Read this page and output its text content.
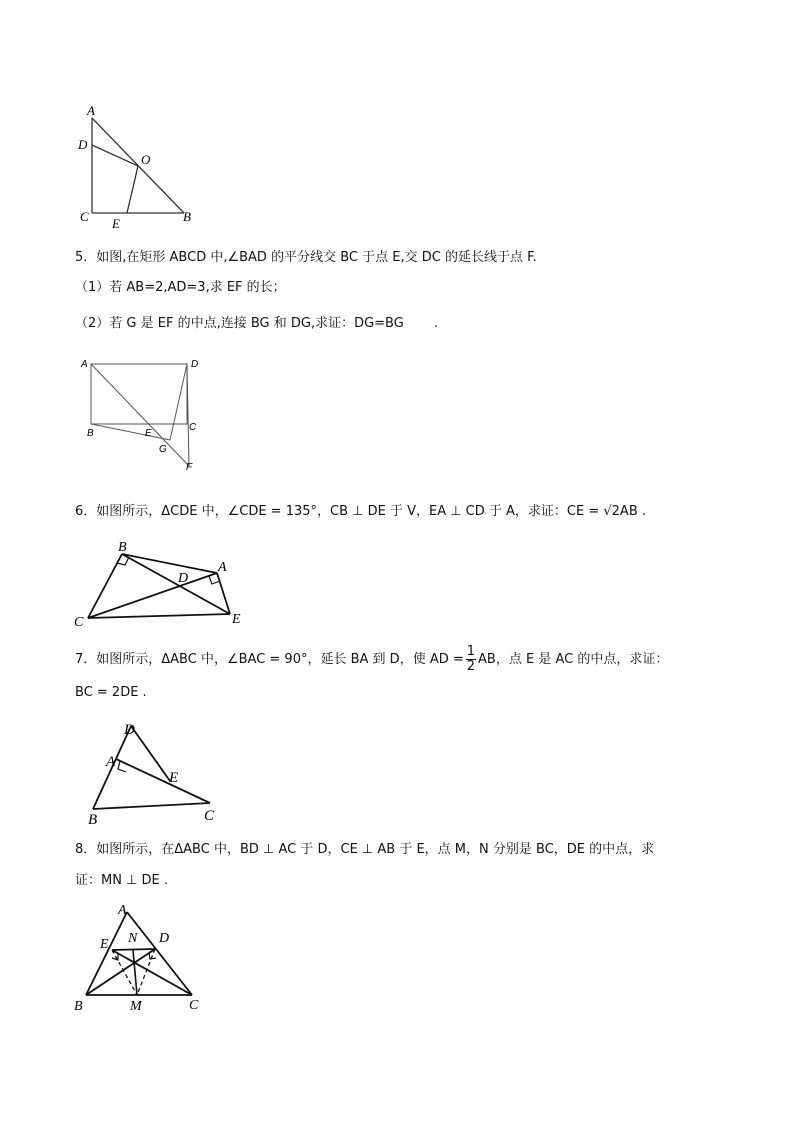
A
D
O
C E	B
5．如图,在矩形 ABCD 中,∠BAD 的平分线交 BC 于点 E,交 DC 的延长线于点 F.
（1）若 AB=2,AD=3,求 EF 的长；
（2）若 G 是 EF 的中点,连接 BG 和 DG,求证：DG=BG .
A	D
B	E
C
G
F
6．如图所示，ΔCDE 中，∠CDE = 135°，CB ⊥ DE 于 V，EA ⊥ CD 于 A，求证：CE = √2AB .
B
A
D
C	E
7．如图所示，ΔABC 中，∠BAC = 90°，延长 BA 到 D，使 AD = $\frac{1}{2}$ AB，点 E 是 AC 的中点，求证：
BC = 2DE .
D
A
E
B	C
8．如图所示，在ΔABC 中，BD ⊥ AC 于 D，CE ⊥ AB 于 E，点 M，N 分别是 BC，DE 的中点，求
证：MN ⊥ DE .
A
N D
E
B	M	C
